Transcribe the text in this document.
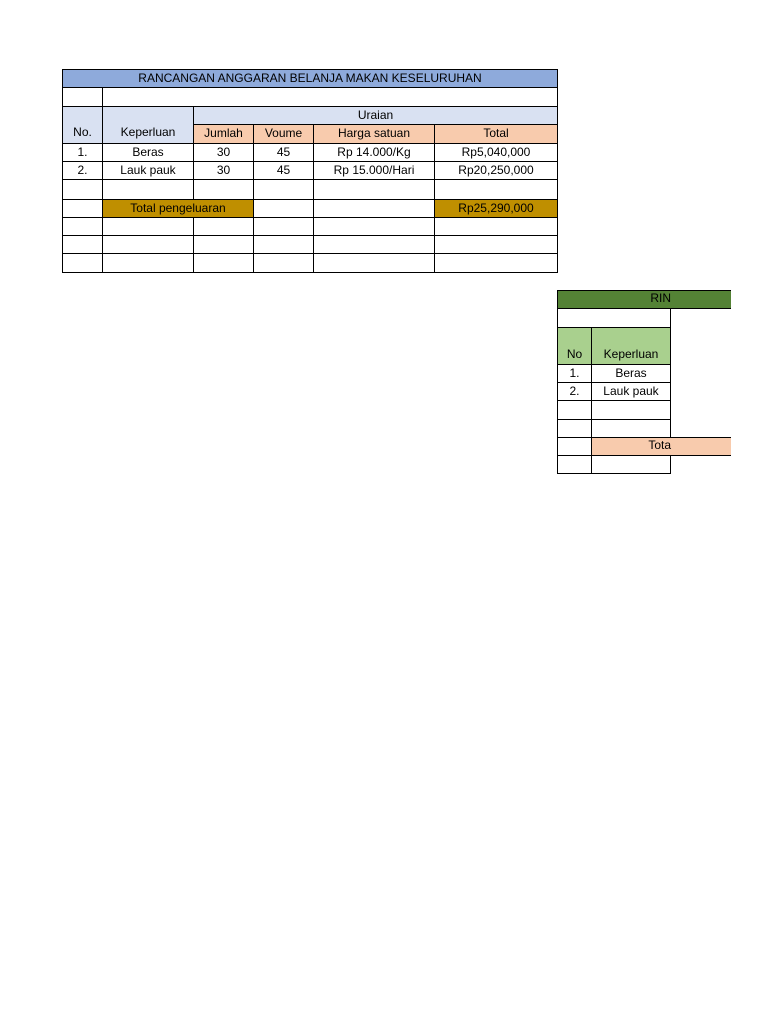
RANCANGAN ANGGARAN BELANJA MAKAN KESELURUHAN
No.	Keperluan
Uraian
Jumlah	Voume	Harga satuan	Total
1.	Beras	30	45	Rp 14.000/Kg	Rp5,040,000
2.	Lauk pauk	30	45	Rp 15.000/Hari	Rp20,250,000
Total pengeluaran	Rp25,290,000
RIN
No	Keperluan
1.	Beras
2.	Lauk pauk
Tota
